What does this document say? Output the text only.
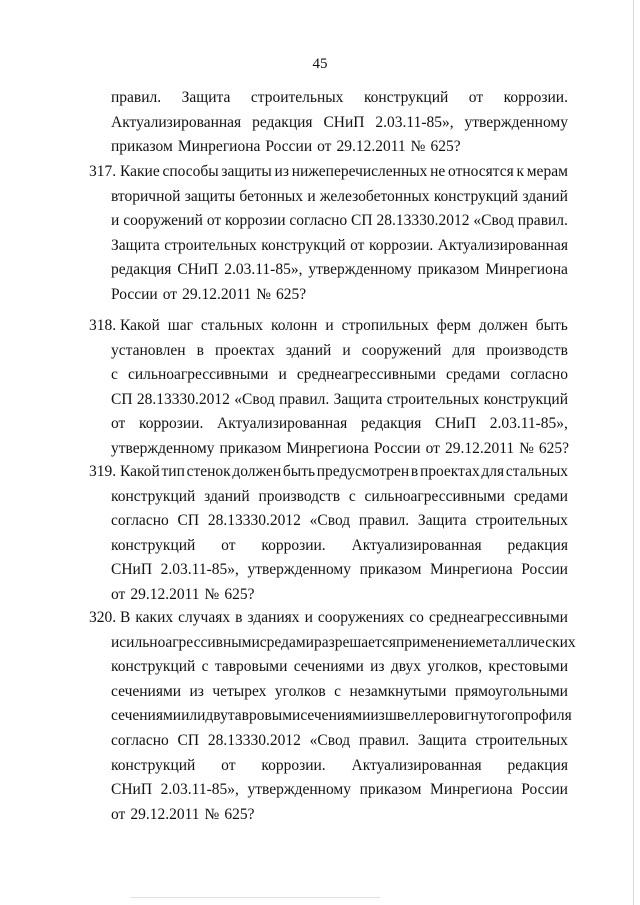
45
правил. Защита строительных конструкций от коррозии.
Актуализированная редакция СНиП 2.03.11-85», утвержденному
приказом Минрегиона России от 29.12.2011 № 625?
317. Какие способы защиты из нижеперечисленных не относятся к мерам
вторичной защиты бетонных и железобетонных конструкций зданий
и сооружений от коррозии согласно СП 28.13330.2012 «Свод правил.
Защита строительных конструкций от коррозии. Актуализированная
редакция СНиП 2.03.11-85», утвержденному приказом Минрегиона
России от 29.12.2011 № 625?
318. Какой шаг стальных колонн и стропильных ферм должен быть
установлен в проектах зданий и сооружений для производств
с сильноагрессивными и среднеагрессивными средами согласно
СП 28.13330.2012 «Свод правил. Защита строительных конструкций
от коррозии. Актуализированная редакция СНиП 2.03.11-85»,
утвержденному приказом Минрегиона России от 29.12.2011 № 625?
319. Какой тип стенок должен быть предусмотрен в проектах для стальных
конструкций зданий производств с сильноагрессивными средами
согласно СП 28.13330.2012 «Свод правил. Защита строительных
конструкций от коррозии. Актуализированная редакция
СНиП 2.03.11-85», утвержденному приказом Минрегиона России
от 29.12.2011 № 625?
320. В каких случаях в зданиях и сооружениях со среднеагрессивными
и сильноагрессивными средами разрешается применение металлических
конструкций с тавровыми сечениями из двух уголков, крестовыми
сечениями из четырех уголков с незамкнутыми прямоугольными
сечениями или двутавровыми сечениями из швеллеров и гнутого профиля
согласно СП 28.13330.2012 «Свод правил. Защита строительных
конструкций от коррозии. Актуализированная редакция
СНиП 2.03.11-85», утвержденному приказом Минрегиона России
от 29.12.2011 № 625?
